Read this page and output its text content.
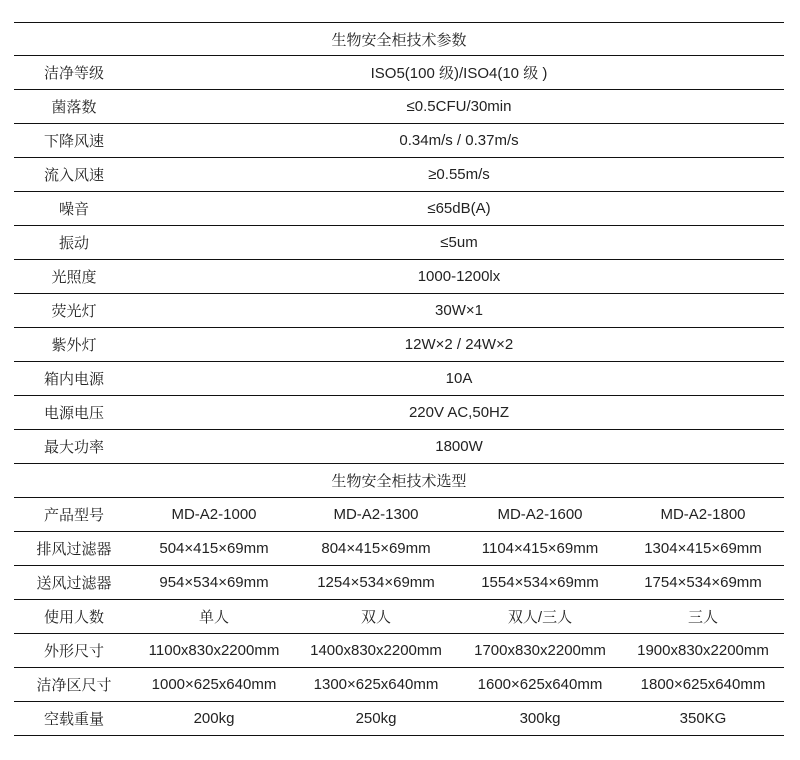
生物安全柜技术参数
洁净等级	ISO5(100 级)/ISO4(10 级 )
菌落数	≤0.5CFU/30min
下降风速	0.34m/s / 0.37m/s
流入风速	≥0.55m/s
噪音	≤65dB(A)
振动	≤5um
光照度	1000-1200lx
荧光灯	30W×1
紫外灯	12W×2 / 24W×2
箱内电源	10A
电源电压	220V AC,50HZ
最大功率	1800W
生物安全柜技术选型
产品型号	MD-A2-1000	MD-A2-1300	MD-A2-1600	MD-A2-1800
排风过滤器	504×415×69mm	804×415×69mm	1104×415×69mm	1304×415×69mm
送风过滤器	954×534×69mm	1254×534×69mm	1554×534×69mm	1754×534×69mm
使用人数	单人	双人	双人/三人	三人
外形尺寸	1100x830x2200mm	1400x830x2200mm	1700x830x2200mm	1900x830x2200mm
洁净区尺寸	1000×625x640mm	1300×625x640mm	1600×625x640mm	1800×625x640mm
空载重量	200kg	250kg	300kg	350KG
